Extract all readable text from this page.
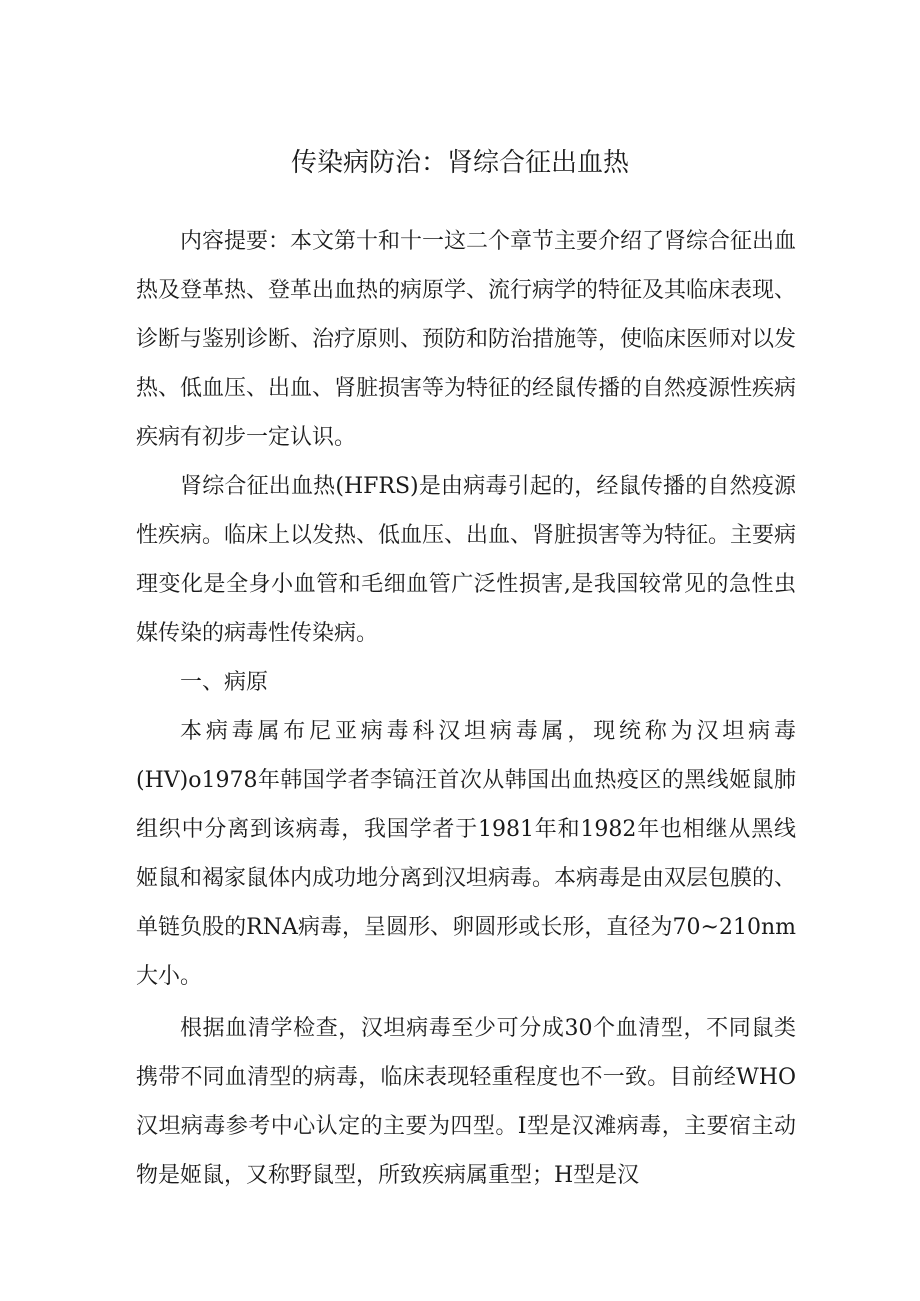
传染病防治：肾综合征出血热

内容提要：本文第十和十一这二个章节主要介绍了肾综合征出血热及登革热、登革出血热的病原学、流行病学的特征及其临床表现、诊断与鉴别诊断、治疗原则、预防和防治措施等，使临床医师对以发热、低血压、出血、肾脏损害等为特征的经鼠传播的自然疫源性疾病疾病有初步一定认识。

肾综合征出血热(HFRS)是由病毒引起的，经鼠传播的自然疫源性疾病。临床上以发热、低血压、出血、肾脏损害等为特征。主要病理变化是全身小血管和毛细血管广泛性损害,是我国较常见的急性虫媒传染的病毒性传染病。

一、病原

本病毒属布尼亚病毒科汉坦病毒属，现统称为汉坦病毒(HV)o1978年韩国学者李镐汪首次从韩国出血热疫区的黑线姬鼠肺组织中分离到该病毒，我国学者于1981年和1982年也相继从黑线姬鼠和褐家鼠体内成功地分离到汉坦病毒。本病毒是由双层包膜的、单链负股的RNA病毒，呈圆形、卵圆形或长形，直径为70~210nm大小。

根据血清学检查，汉坦病毒至少可分成30个血清型，不同鼠类携带不同血清型的病毒，临床表现轻重程度也不一致。目前经WHO汉坦病毒参考中心认定的主要为四型。I型是汉滩病毒，主要宿主动物是姬鼠，又称野鼠型，所致疾病属重型；H型是汉
